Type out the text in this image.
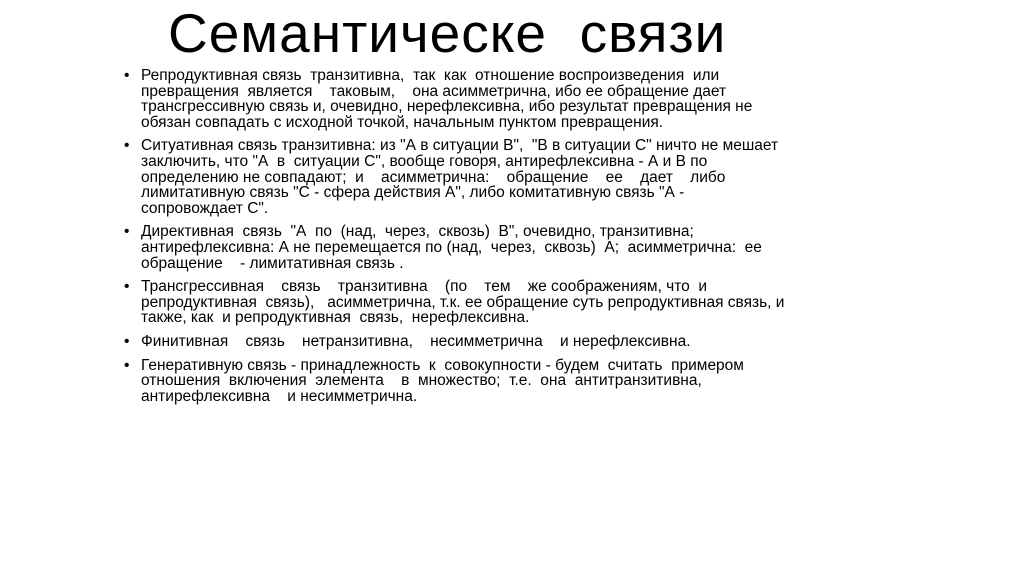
Семантическе  связи
• Репродуктивная связь  транзитивна,  так  как  отношение воспроизведения  или
превращения  является    таковым,    она асимметрична, ибо ее обращение дает
трансгрессивную связь и, очевидно, нерефлексивна, ибо результат превращения не
обязан совпадать с исходной точкой, начальным пунктом превращения.
• Ситуативная связь транзитивна: из "А в ситуации В",  "В в ситуации С" ничто не мешает
заключить, что "А  в  ситуации С", вообще говоря, антирефлексивна - А и В по
определению не совпадают;  и    асимметрична:    обращение    ее    дает    либо
лимитативную связь "С - сфера действия А", либо комитативную связь "А -
сопровождает С".
• Директивная  связь  "А  по  (над,  через,  сквозь)  В", очевидно, транзитивна;
антирефлексивна: А не перемещается по (над,  через,  сквозь)  А;  асимметрична:  ее
обращение    - лимитативная связь .
• Трансгрессивная    связь    транзитивна    (по    тем    же соображениям, что  и
репродуктивная  связь),   асимметрична, т.к. ее обращение суть репродуктивная связь, и
также, как  и репродуктивная  связь,  нерефлексивна.
• Финитивная    связь    нетранзитивна,    несимметрична    и нерефлексивна.
• Генеративную связь - принадлежность  к  совокупности - будем  считать  примером
отношения  включения  элемента    в  множество;  т.е.  она  антитранзитивна,
антирефлексивна    и несимметрична.
